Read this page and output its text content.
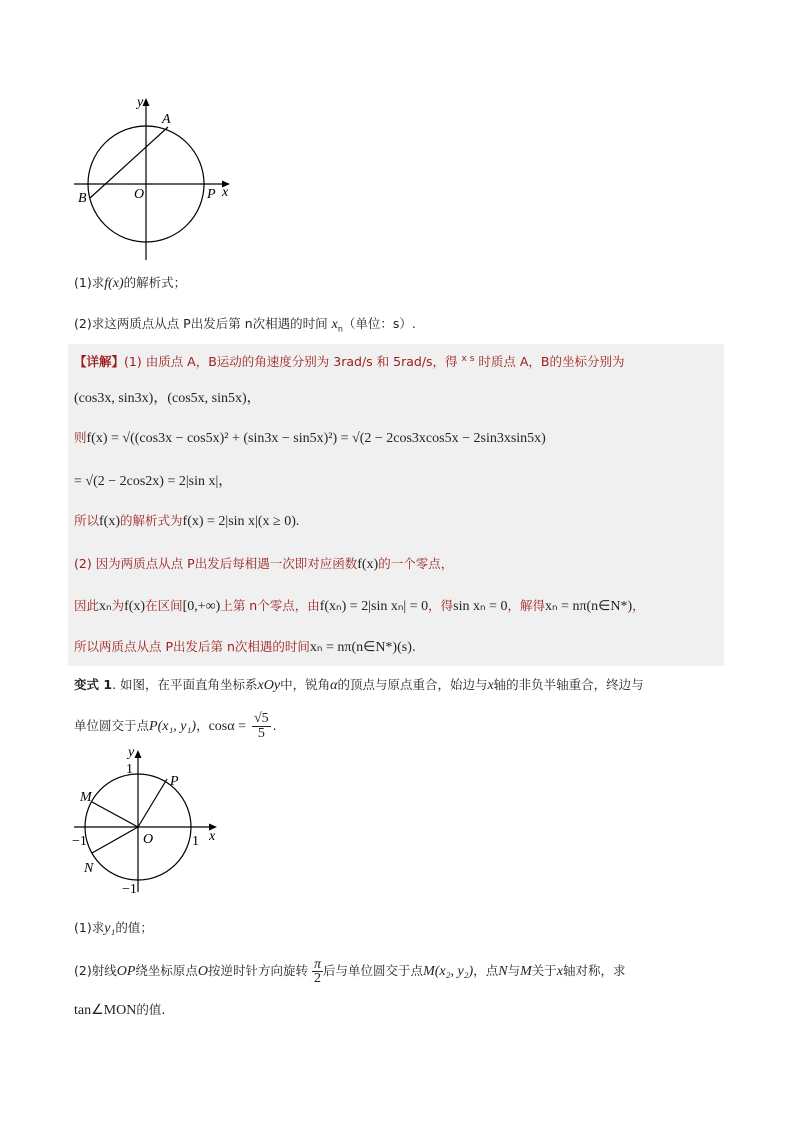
y
A
B	O	P x
(1)求f(x)的解析式；
(2)求这两质点从点 P出发后第 n次相遇的时间 $x_n$（单位：s）.
【详解】(1) 由质点 A，B运动的角速度分别为 3rad/s 和 5rad/s，得 $^{x s}$ 时质点 A，B的坐标分别为
(cos3x, sin3x)，(cos5x, sin5x)，
则f(x) = √((cos3x − cos5x)² + (sin3x − sin5x)²) = √(2 − 2cos3xcos5x − 2sin3xsin5x)
= √(2 − 2cos2x) = 2|sin x|，
所以f(x)的解析式为f(x) = 2|sin x|(x ≥ 0).
(2) 因为两质点从点 P出发后每相遇一次即对应函数f(x)的一个零点，
因此xₙ为f(x)在区间[0,+∞)上第 n个零点，由f(xₙ) = 2|sin xₙ| = 0，得sin xₙ = 0，解得xₙ = nπ(n∈N*)，
所以两质点从点 P出发后第 n次相遇的时间xₙ = nπ(n∈N*)(s).
变式 1. 如图，在平面直角坐标系xOy中，锐角α的顶点与原点重合，始边与x轴的非负半轴重合，终边与
单位圆交于点P(x₁, y₁)，$\cos\alpha = \frac{√5}{5}$ .
y
1
P
M
−1	O	1 x
N
−1
(1)求y₁的值；
(2)射线OP绕坐标原点O按逆时针方向旋转 $\frac{\pi}{2}$ 后与单位圆交于点M(x₂, y₂)，点N与M关于x轴对称，求
tan∠MON的值.
